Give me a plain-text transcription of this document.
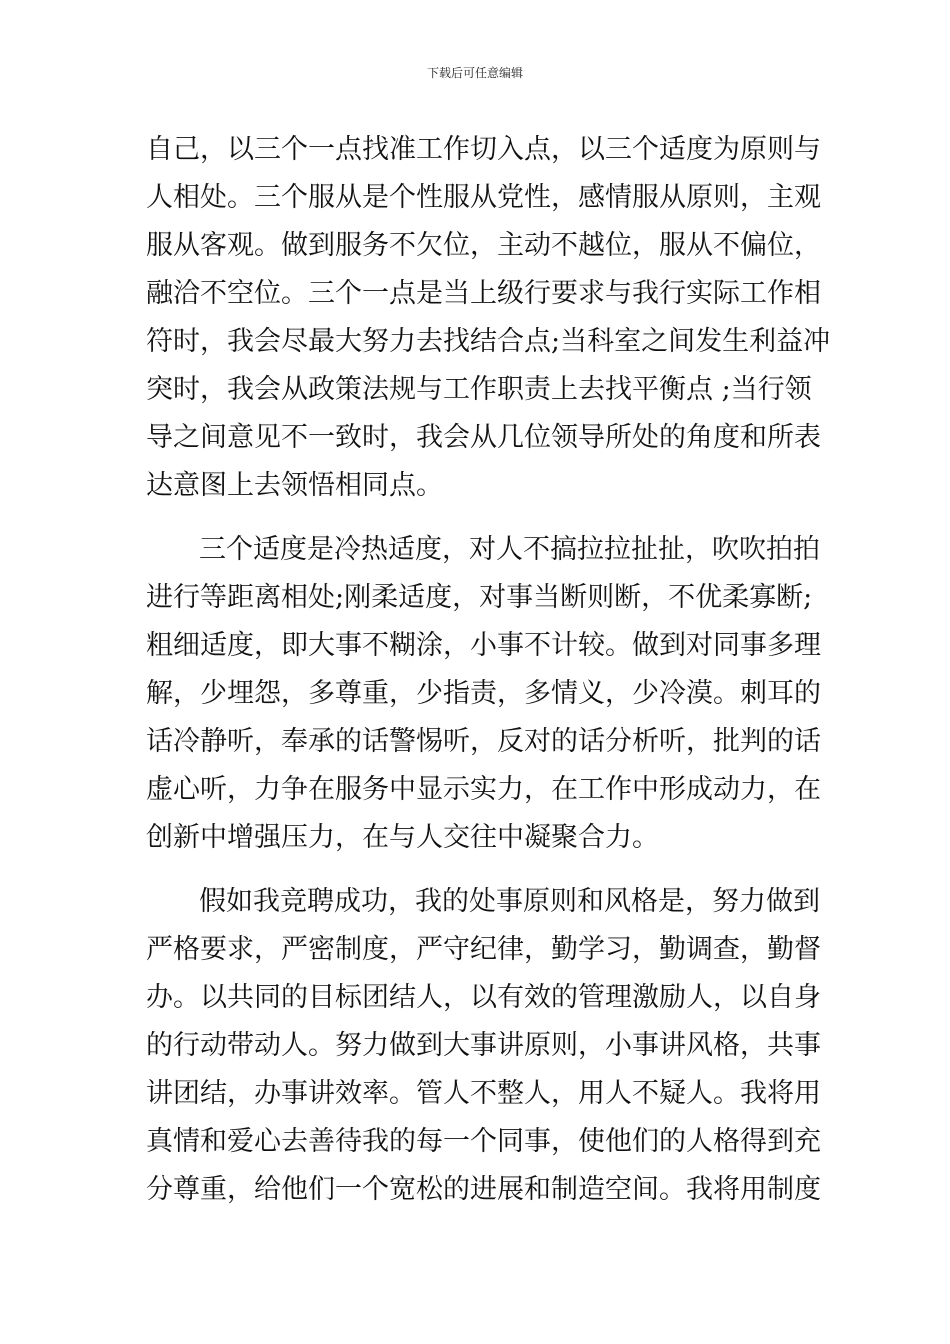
下载后可任意编辑
自己，以三个一点找准工作切入点，以三个适度为原则与
人相处。三个服从是个性服从党性，感情服从原则，主观
服从客观。做到服务不欠位，主动不越位，服从不偏位，
融洽不空位。三个一点是当上级行要求与我行实际工作相
符时，我会尽最大努力去找结合点;当科室之间发生利益冲
突时，我会从政策法规与工作职责上去找平衡点 ;当行领
导之间意见不一致时，我会从几位领导所处的角度和所表
达意图上去领悟相同点。
三个适度是冷热适度，对人不搞拉拉扯扯，吹吹拍拍
进行等距离相处;刚柔适度，对事当断则断，不优柔寡断;
粗细适度，即大事不糊涂，小事不计较。做到对同事多理
解，少埋怨，多尊重，少指责，多情义，少冷漠。刺耳的
话冷静听，奉承的话警惕听，反对的话分析听，批判的话
虚心听，力争在服务中显示实力，在工作中形成动力，在
创新中增强压力，在与人交往中凝聚合力。
假如我竞聘成功，我的处事原则和风格是，努力做到
严格要求，严密制度，严守纪律，勤学习，勤调查，勤督
办。以共同的目标团结人，以有效的管理激励人，以自身
的行动带动人。努力做到大事讲原则，小事讲风格，共事
讲团结，办事讲效率。管人不整人，用人不疑人。我将用
真情和爱心去善待我的每一个同事，使他们的人格得到充
分尊重，给他们一个宽松的进展和制造空间。我将用制度
